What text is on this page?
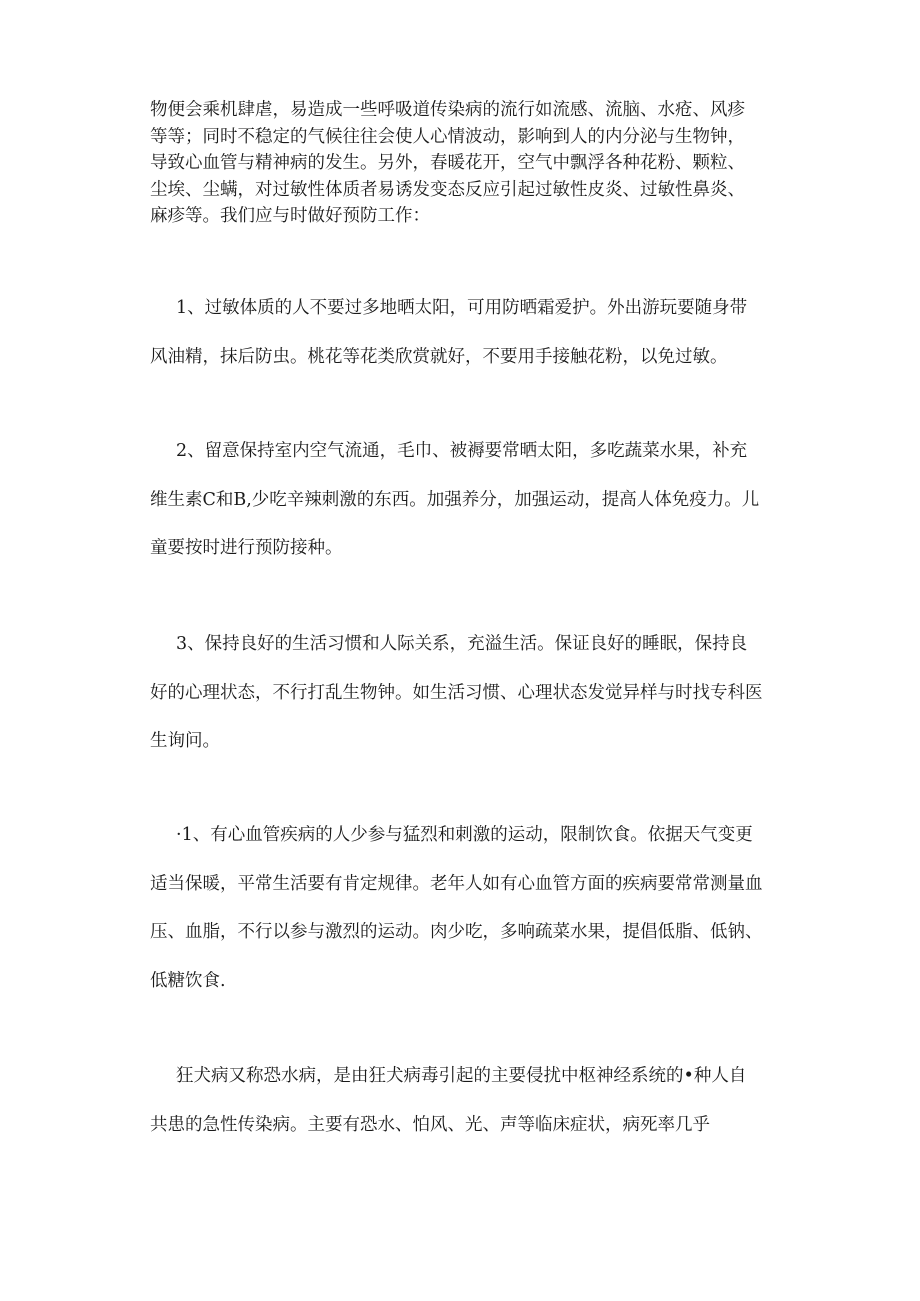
物便会乘机肆虐，易造成一些呼吸道传染病的流行如流感、流脑、水疮、风疹
等等；同时不稳定的气候往往会使人心情波动，影响到人的内分泌与生物钟，
导致心血管与精神病的发生。另外，春暖花开，空气中飘浮各种花粉、颗粒、
尘埃、尘螨，对过敏性体质者易诱发变态反应引起过敏性皮炎、过敏性鼻炎、
麻疹等。我们应与时做好预防工作：
1、过敏体质的人不要过多地晒太阳，可用防晒霜爱护。外出游玩要随身带
风油精，抹后防虫。桃花等花类欣赏就好，不要用手接触花粉，以免过敏。
2、留意保持室内空气流通，毛巾、被褥要常晒太阳，多吃蔬菜水果，补充
维生素C和B,少吃辛辣刺激的东西。加强养分，加强运动，提高人体免疫力。儿
童要按时进行预防接种。
3、保持良好的生活习惯和人际关系，充溢生活。保证良好的睡眠，保持良
好的心理状态，不行打乱生物钟。如生活习惯、心理状态发觉异样与时找专科医
生询问。
·1、有心血管疾病的人少参与猛烈和刺激的运动，限制饮食。依据天气变更
适当保暖，平常生活要有肯定规律。老年人如有心血管方面的疾病要常常测量血
压、血脂，不行以参与激烈的运动。肉少吃，多响疏菜水果，提倡低脂、低钠、
低糖饮食.
狂犬病又称恐水病，是由狂犬病毒引起的主要侵扰中枢神经系统的•种人自
共患的急性传染病。主要有恐水、怕风、光、声等临床症状，病死率几乎
